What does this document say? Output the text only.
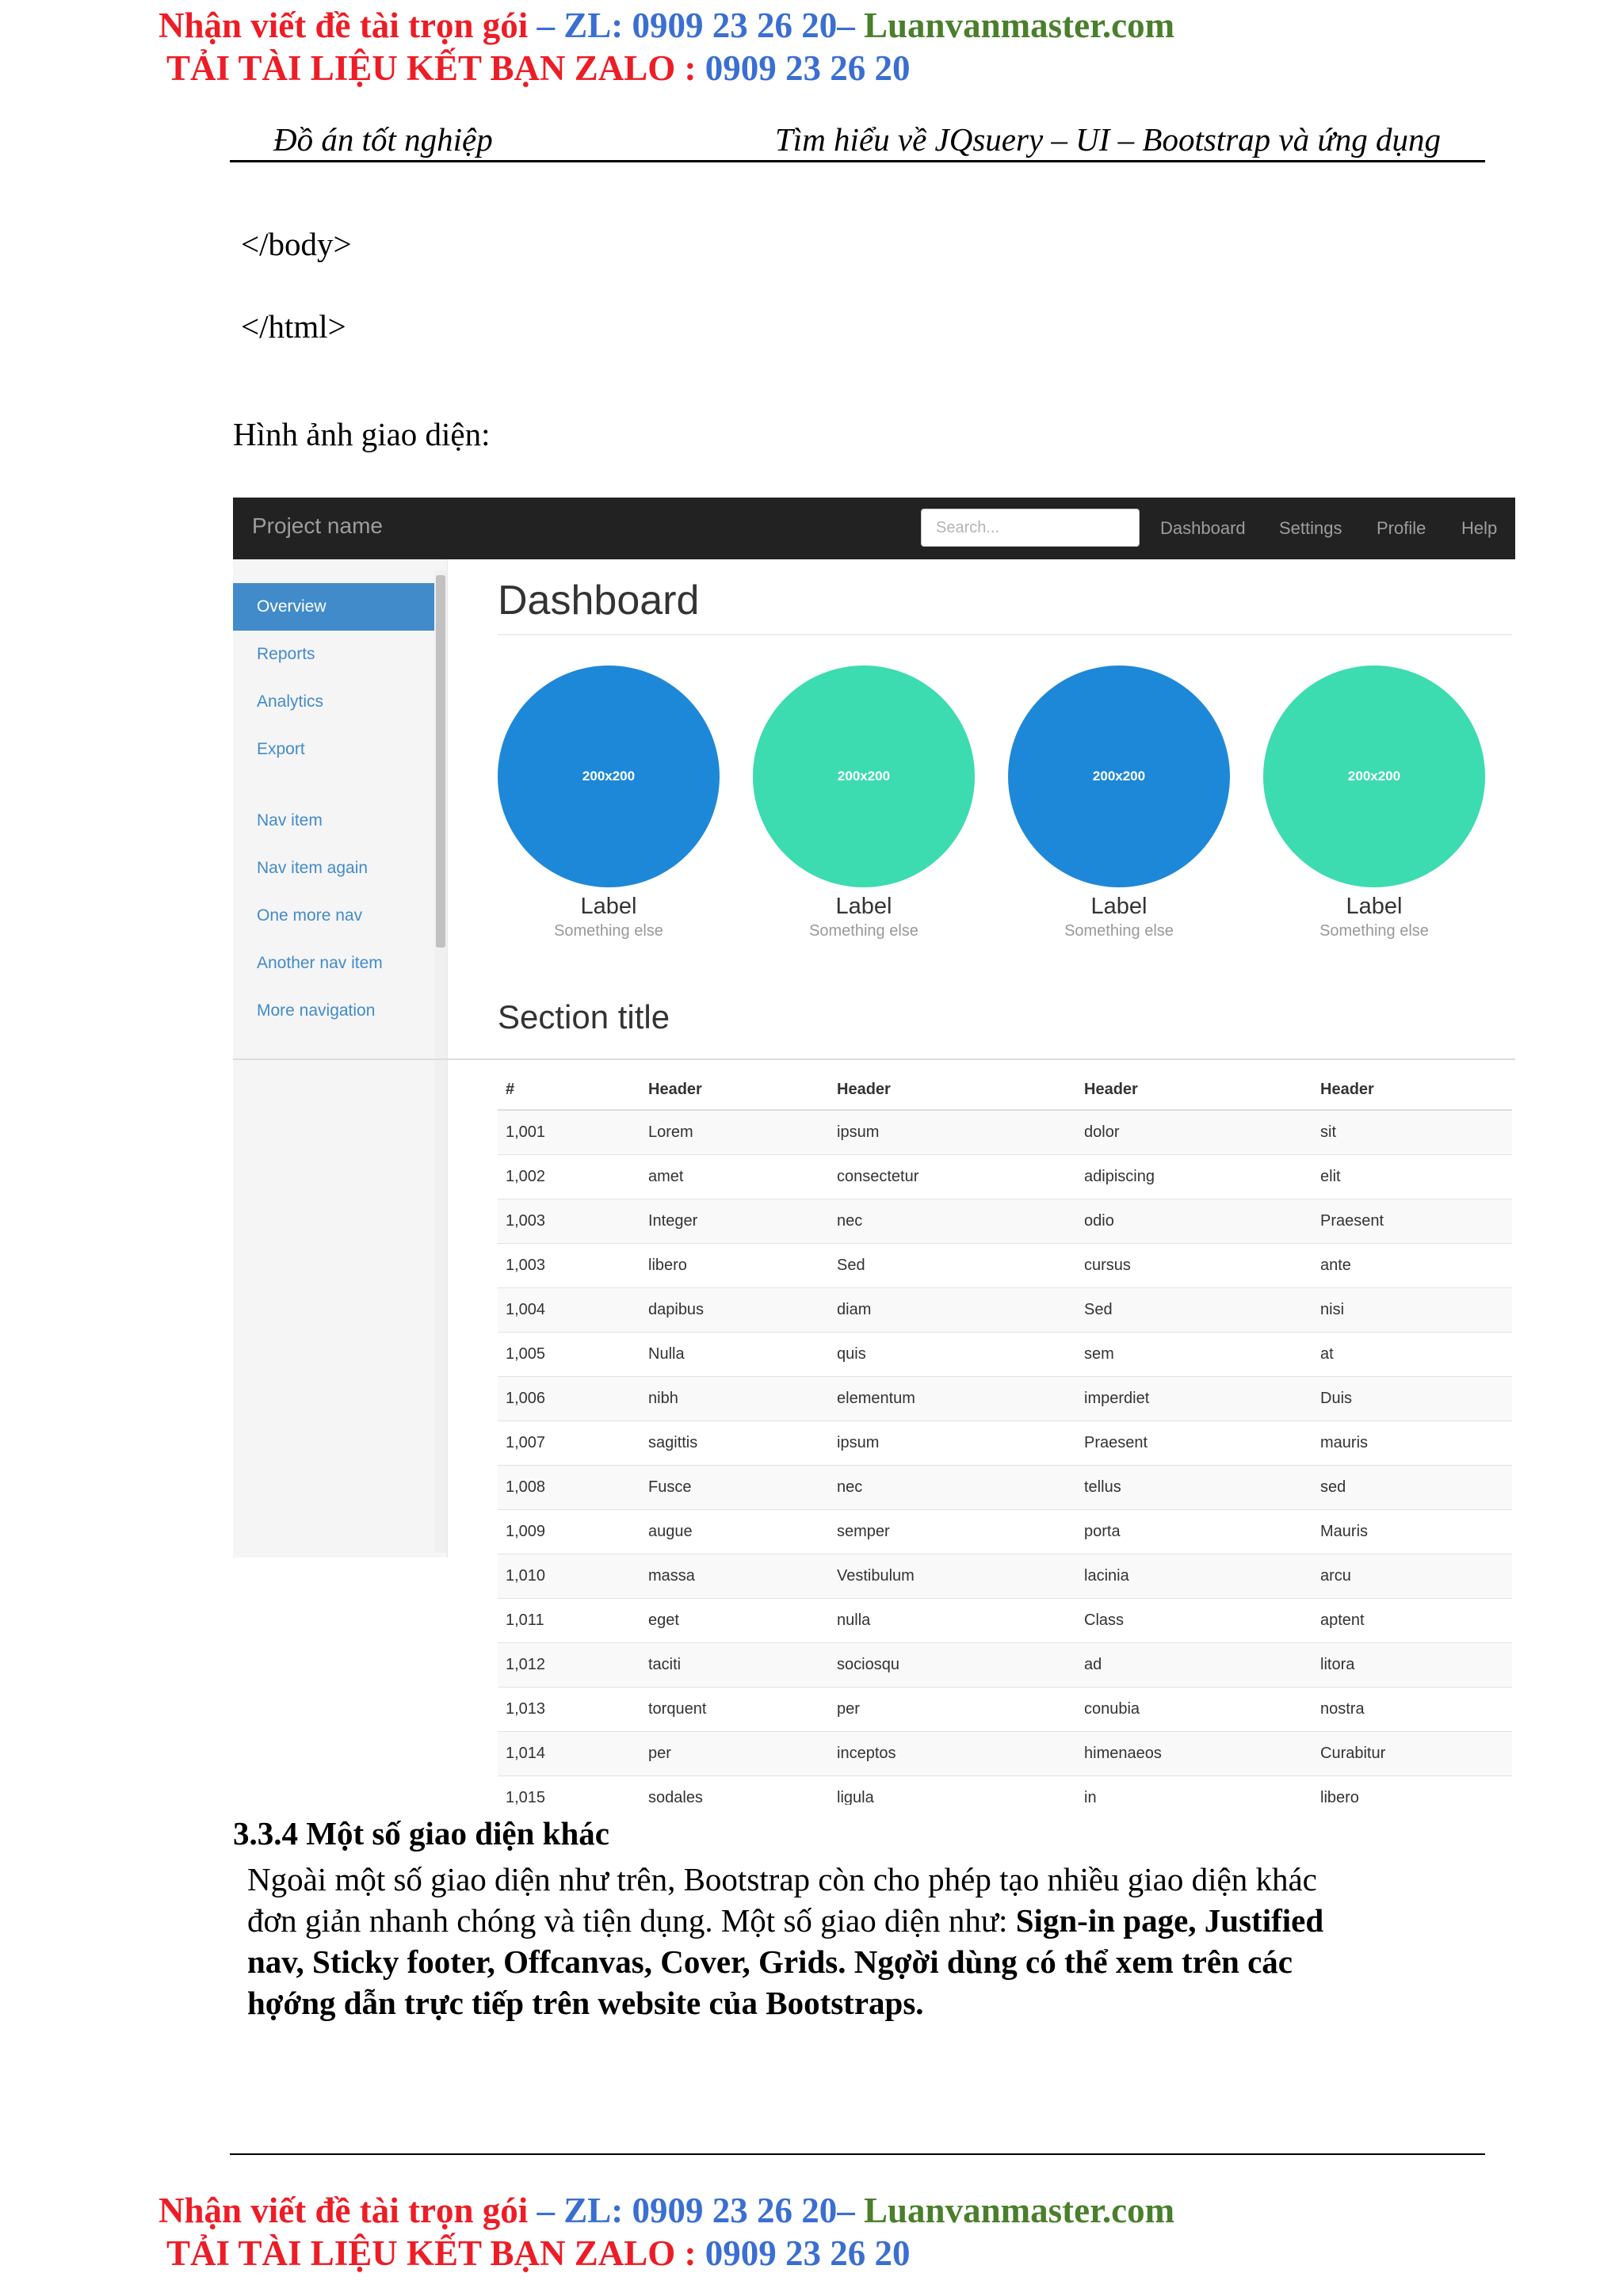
Nhận viết đề tài trọn gói – ZL: 0909 23 26 20– Luanvanmaster.com
TẢI TÀI LIỆU KẾT BẠN ZALO : 0909 23 26 20
Đồ án tốt nghiệp	Tìm hiểu về JQsuery – UI – Bootstrap và ứng dụng
</body>
</html>
Hình ảnh giao diện:
Project name	Search...	Dashboard Settings Profile Help
Overview
Reports
Analytics
Export
Nav item
Nav item again
One more nav
Another nav item
More navigation
Dashboard
200x200
Label
Something else
200x200
Label
Something else
200x200
Label
Something else
200x200
Label
Something else
Section title
#	Header	Header	Header	Header
1,001	Lorem	ipsum	dolor	sit
1,002	amet	consectetur	adipiscing	elit
1,003	Integer	nec	odio	Praesent
1,003	libero	Sed	cursus	ante
1,004	dapibus	diam	Sed	nisi
1,005	Nulla	quis	sem	at
1,006	nibh	elementum	imperdiet	Duis
1,007	sagittis	ipsum	Praesent	mauris
1,008	Fusce	nec	tellus	sed
1,009	augue	semper	porta	Mauris
1,010	massa	Vestibulum	lacinia	arcu
1,011	eget	nulla	Class	aptent
1,012	taciti	sociosqu	ad	litora
1,013	torquent	per	conubia	nostra
1,014	per	inceptos	himenaeos	Curabitur
1,015	sodales	ligula	in	libero
3.3.4 Một số giao diện khác
Ngoài một số giao diện như trên, Bootstrap còn cho phép tạo nhiều giao diện khác
đơn giản nhanh chóng và tiện dụng. Một số giao diện như: Sign-in page, Justified
nav, Sticky footer, Offcanvas, Cover, Grids. Ngợời dùng có thể xem trên các
hợớng dẫn trực tiếp trên website của Bootstraps.
Nhận viết đề tài trọn gói – ZL: 0909 23 26 20– Luanvanmaster.com
TẢI TÀI LIỆU KẾT BẠN ZALO : 0909 23 26 20
